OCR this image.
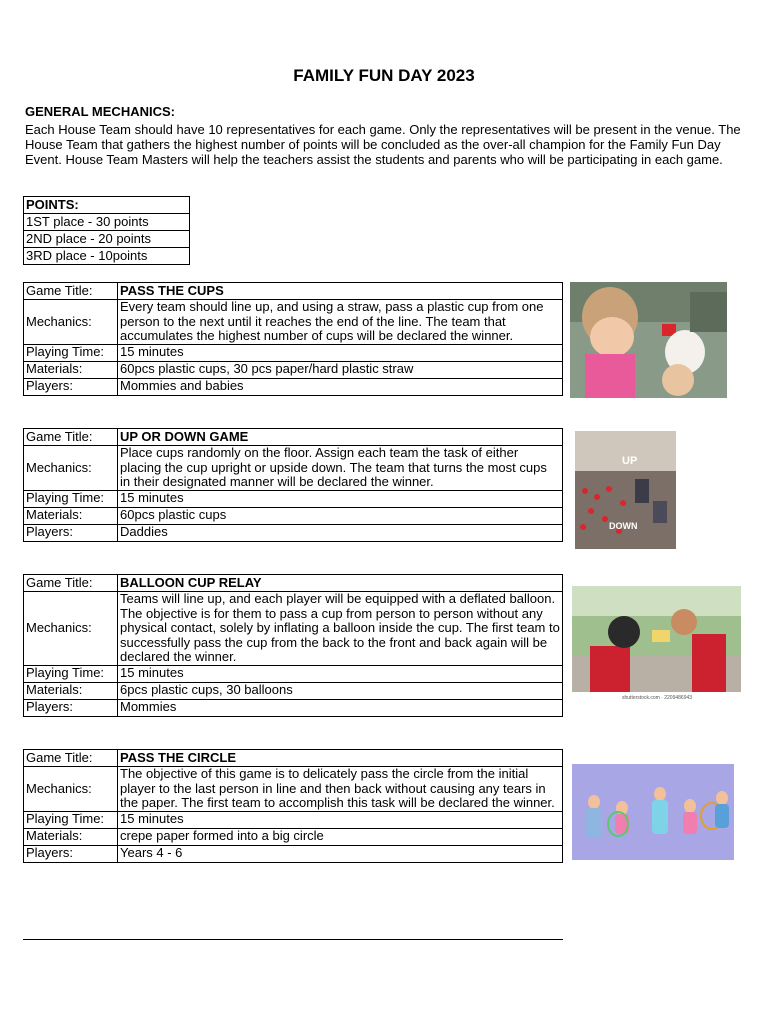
FAMILY FUN DAY 2023
GENERAL MECHANICS:
Each House Team should have 10 representatives for each game. Only the representatives will be present in the venue. The House Team that gathers the highest number of points will be concluded as the over-all champion for the Family Fun Day Event. House Team Masters will help the teachers assist the students and parents who will be participating in each game.
POINTS:
1ST place - 30 points
2ND place - 20 points
3RD place - 10points
Game Title:	PASS THE CUPS
Mechanics:	Every team should line up, and using a straw, pass a plastic cup from one person to the next until it reaches the end of the line. The team that accumulates the highest number of cups will be declared the winner.
Playing Time:	15 minutes
Materials:	60pcs plastic cups, 30 pcs paper/hard plastic straw
Players:	Mommies and babies
Game Title:	UP OR DOWN GAME
Mechanics:	Place cups randomly on the floor. Assign each team the task of either placing the cup upright or upside down. The team that turns the most cups in their designated manner will be declared the winner.
Playing Time:	15 minutes
Materials:	60pcs plastic cups
Players:	Daddies
Game Title:	BALLOON CUP RELAY
Mechanics:	Teams will line up, and each player will be equipped with a deflated balloon. The objective is for them to pass a cup from person to person without any physical contact, solely by inflating a balloon inside the cup. The first team to successfully pass the cup from the back to the front and back again will be declared the winner.
Playing Time:	15 minutes
Materials:	6pcs plastic cups, 30 balloons
Players:	Mommies
Game Title:	PASS THE CIRCLE
Mechanics:	The objective of this game is to delicately pass the circle from the initial player to the last person in line and then back without causing any tears in the paper. The first team to accomplish this task will be declared the winner.
Playing Time:	15 minutes
Materials:	crepe paper formed into a big circle
Players:	Years 4 - 6
UP
DOWN
shutterstock.com · 2209486943
